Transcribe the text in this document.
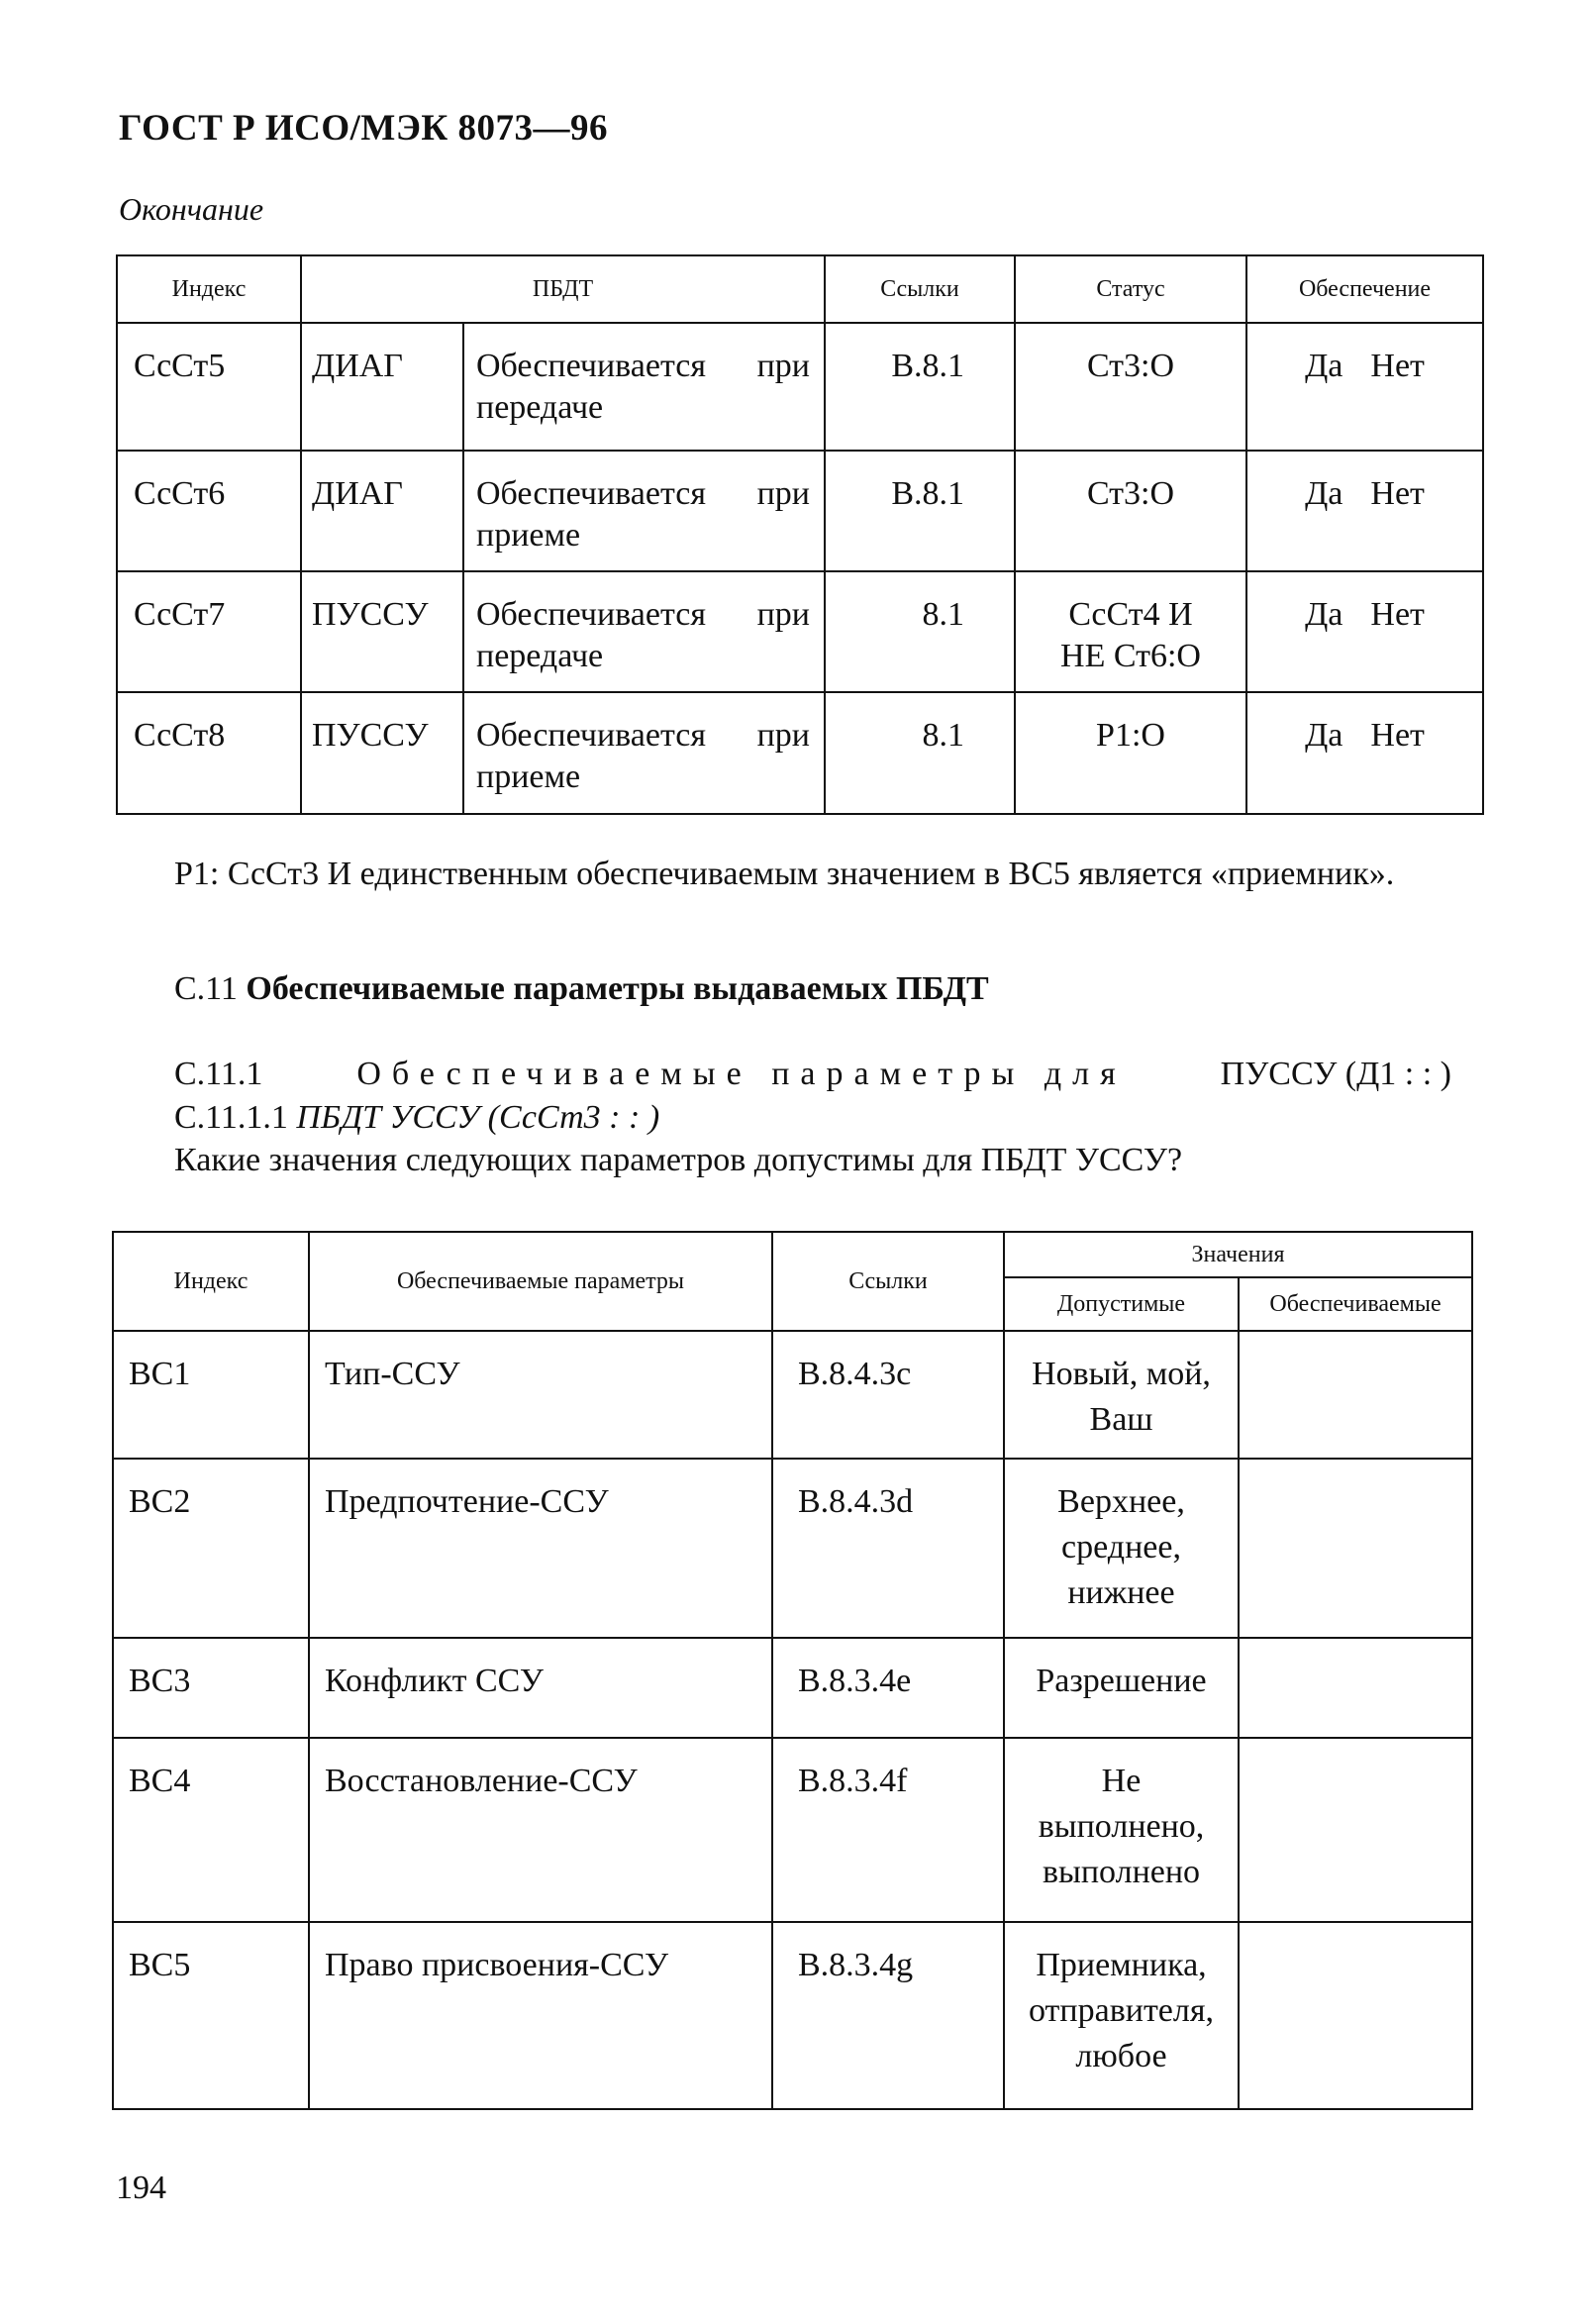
ГОСТ Р ИСО/МЭК 8073—96
Окончание
Индекс	ПБДТ		Ссылки	Статус	Обеспечение
СсСт5	ДИАГ	Обеспечивается при передаче	B.8.1	Ст3:О	Да Нет
СсСт6	ДИАГ	Обеспечивается при приеме	B.8.1	Ст3:О	Да Нет
СсСт7	ПУССУ	Обеспечивается при передаче	8.1	СсСт4 И НЕ Ст6:О	Да Нет
СсСт8	ПУССУ	Обеспечивается при приеме	8.1	Р1:О	Да Нет
Р1: СсСт3 И единственным обеспечиваемым значением в ВС5 является «приемник».
С.11 Обеспечиваемые параметры выдаваемых ПБДТ
С.11.1	Обеспечиваемые параметры для	ПУССУ (Д1 : : )
С.11.1.1 ПБДТ УССУ (СсСт3 : : )
Какие значения следующих параметров допустимы для ПБДТ УССУ?
Индекс	Обеспечиваемые параметры	Ссылки	Значения	
			Допустимые	Обеспечиваемые
ВС1	Тип-ССУ	B.8.4.3c	Новый, мой, Ваш	
ВС2	Предпочтение-ССУ	B.8.4.3d	Верхнее, среднее, нижнее	
ВС3	Конфликт ССУ	B.8.3.4e	Разрешение	
ВС4	Восстановление-ССУ	B.8.3.4f	Не выполнено, выполнено	
ВС5	Право присвоения-ССУ	B.8.3.4g	Приемника, отправителя, любое	
194
